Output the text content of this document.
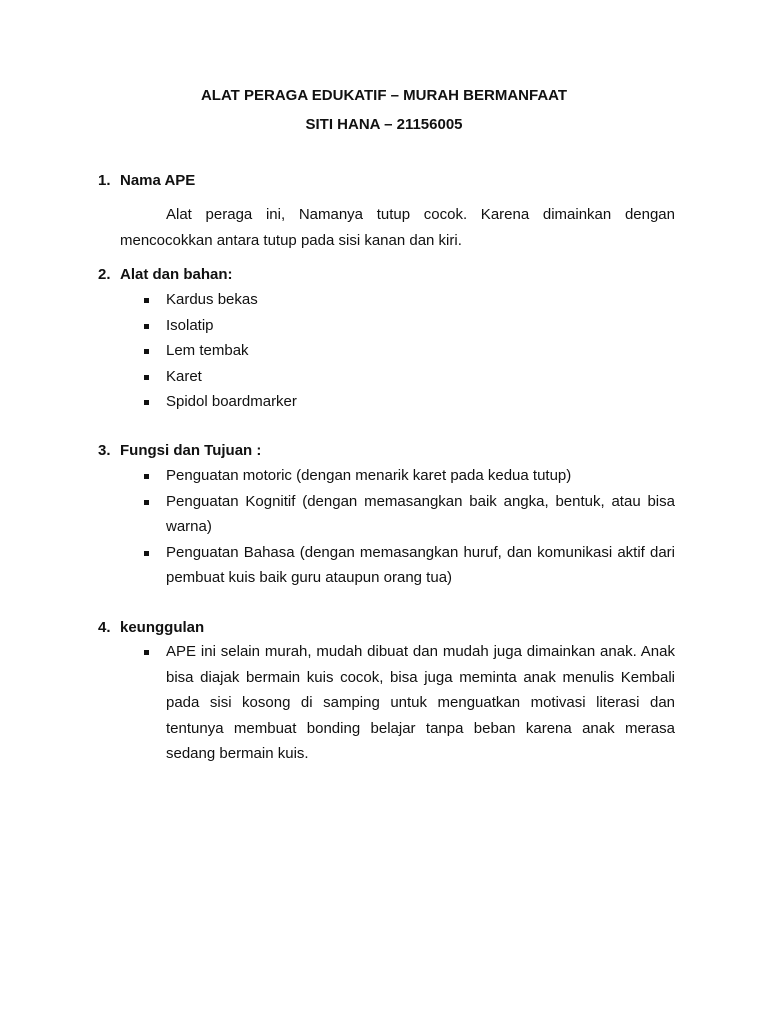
ALAT PERAGA EDUKATIF – MURAH BERMANFAAT
SITI HANA – 21156005
1. Nama APE
Alat peraga ini, Namanya tutup cocok. Karena dimainkan dengan mencocokkan antara tutup pada sisi kanan dan kiri.
2. Alat dan bahan:
Kardus bekas
Isolatip
Lem tembak
Karet
Spidol boardmarker
3. Fungsi dan Tujuan :
Penguatan motoric (dengan menarik karet pada kedua tutup)
Penguatan Kognitif (dengan memasangkan baik angka, bentuk, atau bisa warna)
Penguatan Bahasa (dengan memasangkan huruf, dan komunikasi aktif dari pembuat kuis baik guru ataupun orang tua)
4. keunggulan
APE ini selain murah, mudah dibuat dan mudah juga dimainkan anak. Anak bisa diajak bermain kuis cocok, bisa juga meminta anak menulis Kembali pada sisi kosong di samping untuk menguatkan motivasi literasi dan tentunya membuat bonding belajar tanpa beban karena anak merasa sedang bermain kuis.
